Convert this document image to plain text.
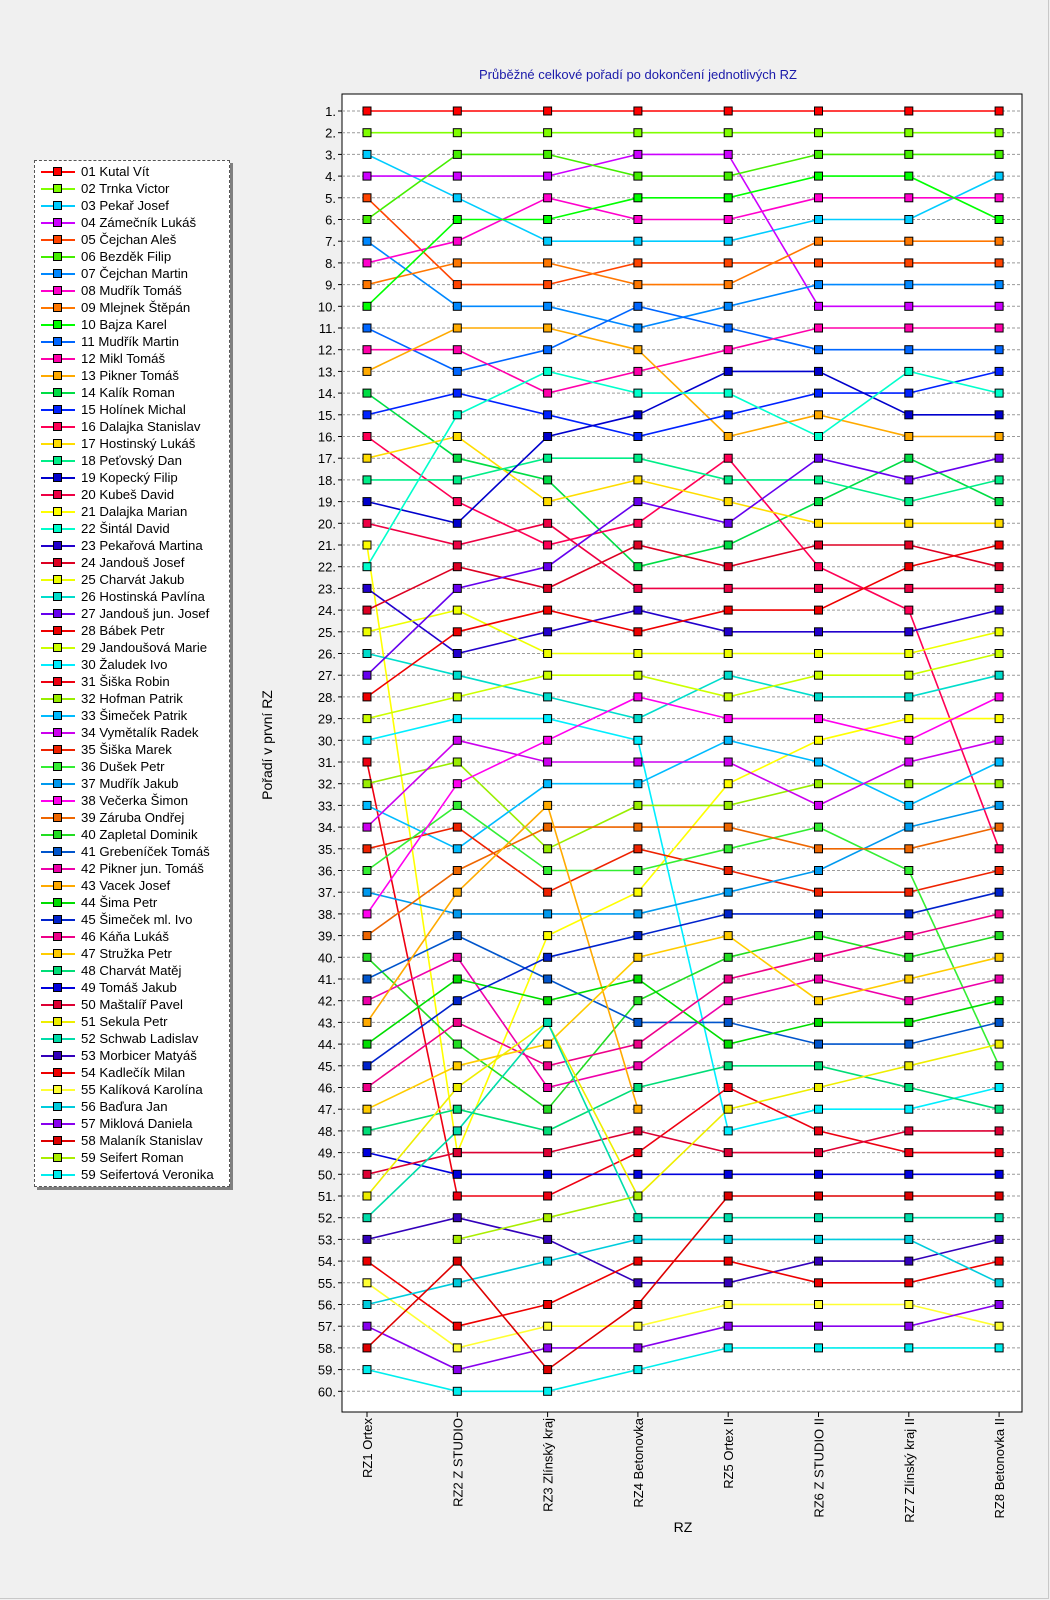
Průběžné celkové pořadí po dokončení jednotlivých RZ
1.
2.
3.
4.
5.
6.
7.
8.
9.
10.
11.
12.
13.
14.
15.
16.
17.
18.
19.
20.
21.
22.
23.
24.
25.
26.
27.
28.
29.
30.
31.
32.
33.
34.
35.
36.
37.
38.
39.
40.
41.
42.
43.
44.
45.
46.
47.
48.
49.
50.
51.
52.
53.
54.
55.
56.
57.
58.
59.
60.
RZ1 Ortex	RZ2 Z STUDIO	RZ3 Zlínský kraj	RZ4 Betonovka	RZ5 Ortex II	RZ6 Z STUDIO II	RZ7 Zlínský kraj II	RZ8 Betonovka II
Pořadí v první RZ
RZ
01 Kutal Vít
02 Trnka Victor
03 Pekař Josef
04 Zámečník Lukáš
05 Čejchan Aleš
06 Bezděk Filip
07 Čejchan Martin
08 Mudřík Tomáš
09 Mlejnek Štěpán
10 Bajza Karel
11 Mudřík Martin
12 Mikl Tomáš
13 Pikner Tomáš
14 Kalík Roman
15 Holínek Michal
16 Dalajka Stanislav
17 Hostinský Lukáš
18 Peťovský Dan
19 Kopecký Filip
20 Kubeš David
21 Dalajka Marian
22 Šintál David
23 Pekařová Martina
24 Jandouš Josef
25 Charvát Jakub
26 Hostinská Pavlína
27 Jandouš jun. Josef
28 Bábek Petr
29 Jandoušová Marie
30 Žaludek Ivo
31 Šiška Robin
32 Hofman Patrik
33 Šimeček Patrik
34 Vymětalík Radek
35 Šiška Marek
36 Dušek Petr
37 Mudřík Jakub
38 Večerka Šimon
39 Záruba Ondřej
40 Zapletal Dominik
41 Grebeníček Tomáš
42 Pikner jun. Tomáš
43 Vacek Josef
44 Šima Petr
45 Šimeček ml. Ivo
46 Káňa Lukáš
47 Stružka Petr
48 Charvát Matěj
49 Tomáš Jakub
50 Maštalíř Pavel
51 Sekula Petr
52 Schwab Ladislav
53 Morbicer Matyáš
54 Kadlečík Milan
55 Kalíková Karolína
56 Baďura Jan
57 Miklová Daniela
58 Malaník Stanislav
59 Seifert Roman
59 Seifertová Veronika
